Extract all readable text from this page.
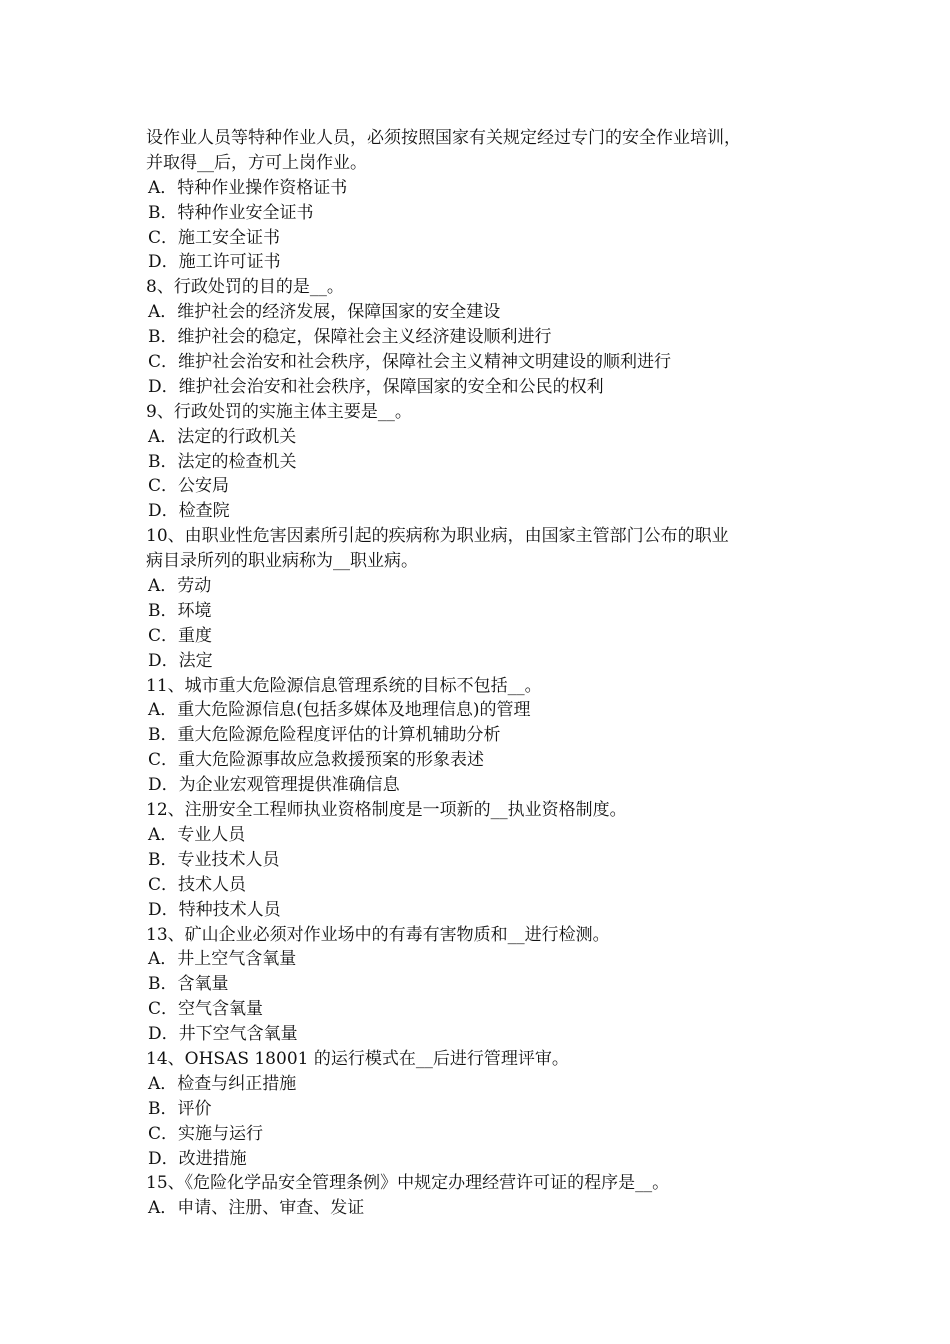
设作业人员等特种作业人员，必须按照国家有关规定经过专门的安全作业培训，
并取得__后，方可上岗作业。
A．特种作业操作资格证书
B．特种作业安全证书
C．施工安全证书
D．施工许可证书
8、行政处罚的目的是__。
A．维护社会的经济发展，保障国家的安全建设
B．维护社会的稳定，保障社会主义经济建设顺利进行
C．维护社会治安和社会秩序，保障社会主义精神文明建设的顺利进行
D．维护社会治安和社会秩序，保障国家的安全和公民的权利
9、行政处罚的实施主体主要是__。
A．法定的行政机关
B．法定的检查机关
C．公安局
D．检查院
10、由职业性危害因素所引起的疾病称为职业病，由国家主管部门公布的职业
病目录所列的职业病称为__职业病。
A．劳动
B．环境
C．重度
D．法定
11、城市重大危险源信息管理系统的目标不包括__。
A．重大危险源信息(包括多媒体及地理信息)的管理
B．重大危险源危险程度评估的计算机辅助分析
C．重大危险源事故应急救援预案的形象表述
D．为企业宏观管理提供准确信息
12、注册安全工程师执业资格制度是一项新的__执业资格制度。
A．专业人员
B．专业技术人员
C．技术人员
D．特种技术人员
13、矿山企业必须对作业场中的有毒有害物质和__进行检测。
A．井上空气含氧量
B．含氧量
C．空气含氧量
D．井下空气含氧量
14、OHSAS 18001 的运行模式在__后进行管理评审。
A．检查与纠正措施
B．评价
C．实施与运行
D．改进措施
15、《危险化学品安全管理条例》中规定办理经营许可证的程序是__。
A．申请、注册、审查、发证
